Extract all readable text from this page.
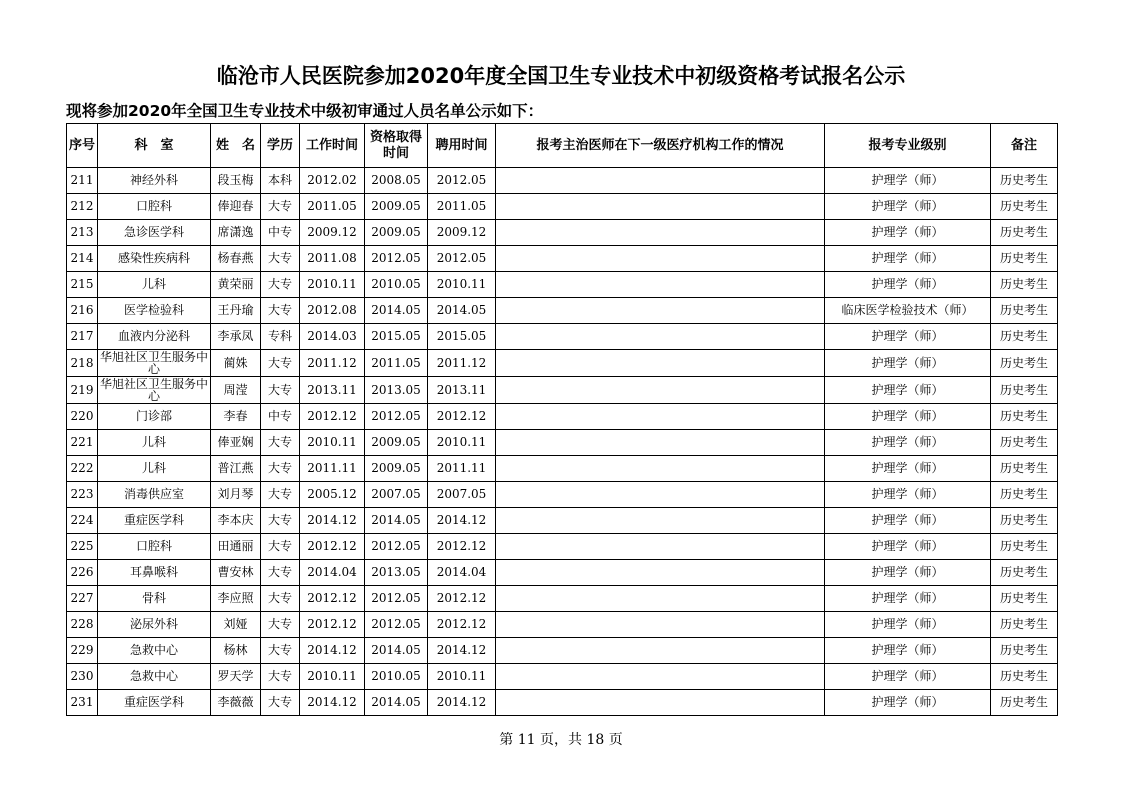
临沧市人民医院参加2020年度全国卫生专业技术中初级资格考试报名公示
现将参加2020年全国卫生专业技术中级初审通过人员名单公示如下：
序号	科　室	姓　名	学历	工作时间	资格取得时间	聘用时间	报考主治医师在下一级医疗机构工作的情况	报考专业级别	备注
211	神经外科	段玉梅	本科	2012.02	2008.05	2012.05		护理学（师）	历史考生
212	口腔科	俸迎春	大专	2011.05	2009.05	2011.05		护理学（师）	历史考生
213	急诊医学科	席潇逸	中专	2009.12	2009.05	2009.12		护理学（师）	历史考生
214	感染性疾病科	杨春燕	大专	2011.08	2012.05	2012.05		护理学（师）	历史考生
215	儿科	黄荣丽	大专	2010.11	2010.05	2010.11		护理学（师）	历史考生
216	医学检验科	王丹瑜	大专	2012.08	2014.05	2014.05		临床医学检验技术（师）	历史考生
217	血液内分泌科	李承凤	专科	2014.03	2015.05	2015.05		护理学（师）	历史考生
218	华旭社区卫生服务中心	蔺姝	大专	2011.12	2011.05	2011.12		护理学（师）	历史考生
219	华旭社区卫生服务中心	周滢	大专	2013.11	2013.05	2013.11		护理学（师）	历史考生
220	门诊部	李春	中专	2012.12	2012.05	2012.12		护理学（师）	历史考生
221	儿科	俸亚娴	大专	2010.11	2009.05	2010.11		护理学（师）	历史考生
222	儿科	普江燕	大专	2011.11	2009.05	2011.11		护理学（师）	历史考生
223	消毒供应室	刘月琴	大专	2005.12	2007.05	2007.05		护理学（师）	历史考生
224	重症医学科	李本庆	大专	2014.12	2014.05	2014.12		护理学（师）	历史考生
225	口腔科	田通丽	大专	2012.12	2012.05	2012.12		护理学（师）	历史考生
226	耳鼻喉科	曹安林	大专	2014.04	2013.05	2014.04		护理学（师）	历史考生
227	骨科	李应照	大专	2012.12	2012.05	2012.12		护理学（师）	历史考生
228	泌尿外科	刘娅	大专	2012.12	2012.05	2012.12		护理学（师）	历史考生
229	急救中心	杨林	大专	2014.12	2014.05	2014.12		护理学（师）	历史考生
230	急救中心	罗天学	大专	2010.11	2010.05	2010.11		护理学（师）	历史考生
231	重症医学科	李薇薇	大专	2014.12	2014.05	2014.12		护理学（师）	历史考生
第 11 页，共 18 页
